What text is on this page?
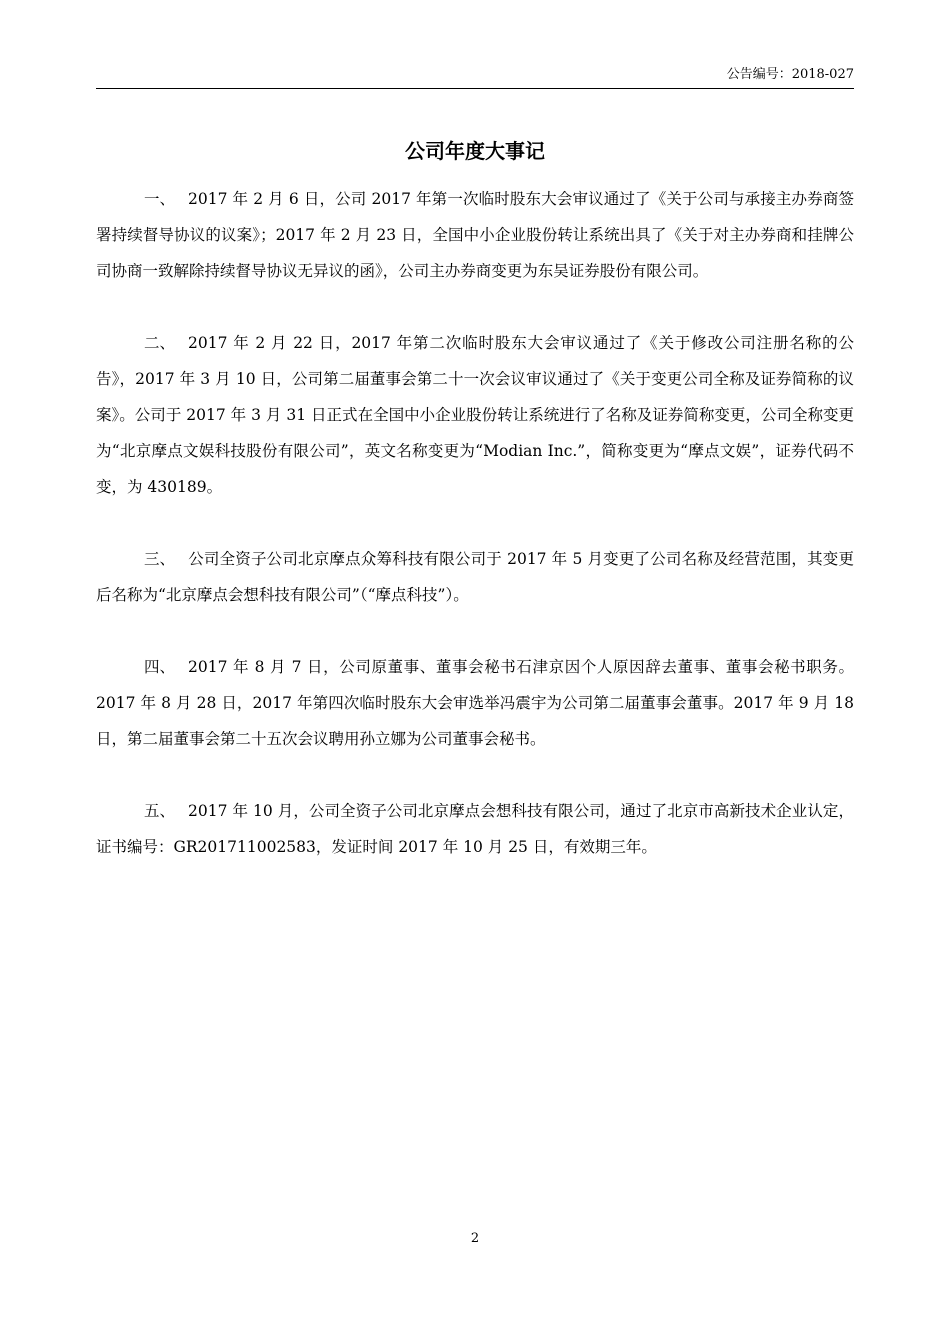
公告编号：2018-027
公司年度大事记

一、 2017 年 2 月 6 日，公司 2017 年第一次临时股东大会审议通过了《关于公司与承接主办券商签署持续督导协议的议案》；2017 年 2 月 23 日，全国中小企业股份转让系统出具了《关于对主办券商和挂牌公司协商一致解除持续督导协议无异议的函》，公司主办券商变更为东吴证券股份有限公司。

二、 2017 年 2 月 22 日，2017 年第二次临时股东大会审议通过了《关于修改公司注册名称的公告》，2017 年 3 月 10 日，公司第二届董事会第二十一次会议审议通过了《关于变更公司全称及证券简称的议案》。公司于 2017 年 3 月 31 日正式在全国中小企业股份转让系统进行了名称及证券简称变更，公司全称变更为“北京摩点文娱科技股份有限公司”，英文名称变更为“Modian Inc.”，简称变更为“摩点文娱”，证券代码不变，为 430189。

三、 公司全资子公司北京摩点众筹科技有限公司于 2017 年 5 月变更了公司名称及经营范围，其变更后名称为“北京摩点会想科技有限公司”（“摩点科技”）。

四、 2017 年 8 月 7 日，公司原董事、董事会秘书石津京因个人原因辞去董事、董事会秘书职务。2017 年 8 月 28 日，2017 年第四次临时股东大会审选举冯震宇为公司第二届董事会董事。2017 年 9 月 18 日，第二届董事会第二十五次会议聘用孙立娜为公司董事会秘书。

五、 2017 年 10 月，公司全资子公司北京摩点会想科技有限公司，通过了北京市高新技术企业认定，证书编号：GR201711002583，发证时间 2017 年 10 月 25 日，有效期三年。

2
